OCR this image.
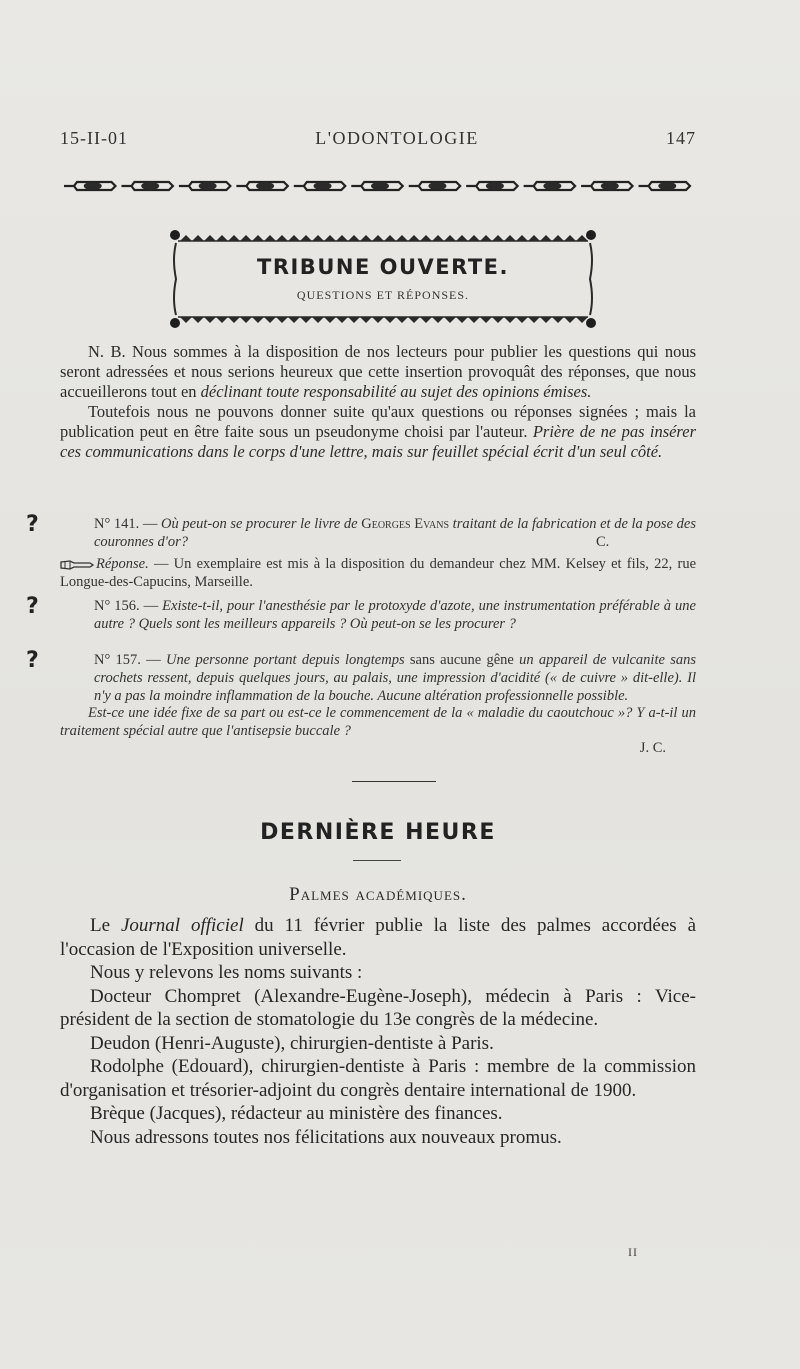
15-II-01	L'ODONTOLOGIE	147
TRIBUNE OUVERTE.
QUESTIONS ET RÉPONSES.

N. B. Nous sommes à la disposition de nos lecteurs pour publier les questions qui nous seront adressées et nous serions heureux que cette insertion provoquât des réponses, que nous accueillerons tout en déclinant toute responsabilité au sujet des opinions émises.

Toutefois nous ne pouvons donner suite qu'aux questions ou réponses signées ; mais la publication peut en être faite sous un pseudonyme choisi par l'auteur. Prière de ne pas insérer ces communications dans le corps d'une lettre, mais sur feuillet spécial écrit d'un seul côté.

?	N° 141. — Où peut-on se procurer le livre de Georges Evans traitant de la fabrication et de la pose des couronnes d'or?	C.

Réponse. — Un exemplaire est mis à la disposition du demandeur chez MM. Kelsey et fils, 22, rue Longue-des-Capucins, Marseille.

?	N° 156. — Existe-t-il, pour l'anesthésie par le protoxyde d'azote, une instrumentation préférable à une autre ? Quels sont les meilleurs appareils ? Où peut-on se les procurer ?

?	N° 157. — Une personne portant depuis longtemps sans aucune gêne un appareil de vulcanite sans crochets ressent, depuis quelques jours, au palais, une impression d'acidité (« de cuivre » dit-elle). Il n'y a pas la moindre inflammation de la bouche. Aucune altération professionnelle possible.

Est-ce une idée fixe de sa part ou est-ce le commencement de la « maladie du caoutchouc »? Y a-t-il un traitement spécial autre que l'antisepsie buccale ?

J. C.

DERNIÈRE HEURE
Palmes académiques.

Le Journal officiel du 11 février publie la liste des palmes accordées à l'occasion de l'Exposition universelle.

Nous y relevons les noms suivants :

Docteur Chompret (Alexandre-Eugène-Joseph), médecin à Paris : Vice-président de la section de stomatologie du 13e congrès de la médecine.

Deudon (Henri-Auguste), chirurgien-dentiste à Paris.

Rodolphe (Edouard), chirurgien-dentiste à Paris : membre de la commission d'organisation et trésorier-adjoint du congrès dentaire international de 1900.

Brèque (Jacques), rédacteur au ministère des finances.

Nous adressons toutes nos félicitations aux nouveaux promus.

II
